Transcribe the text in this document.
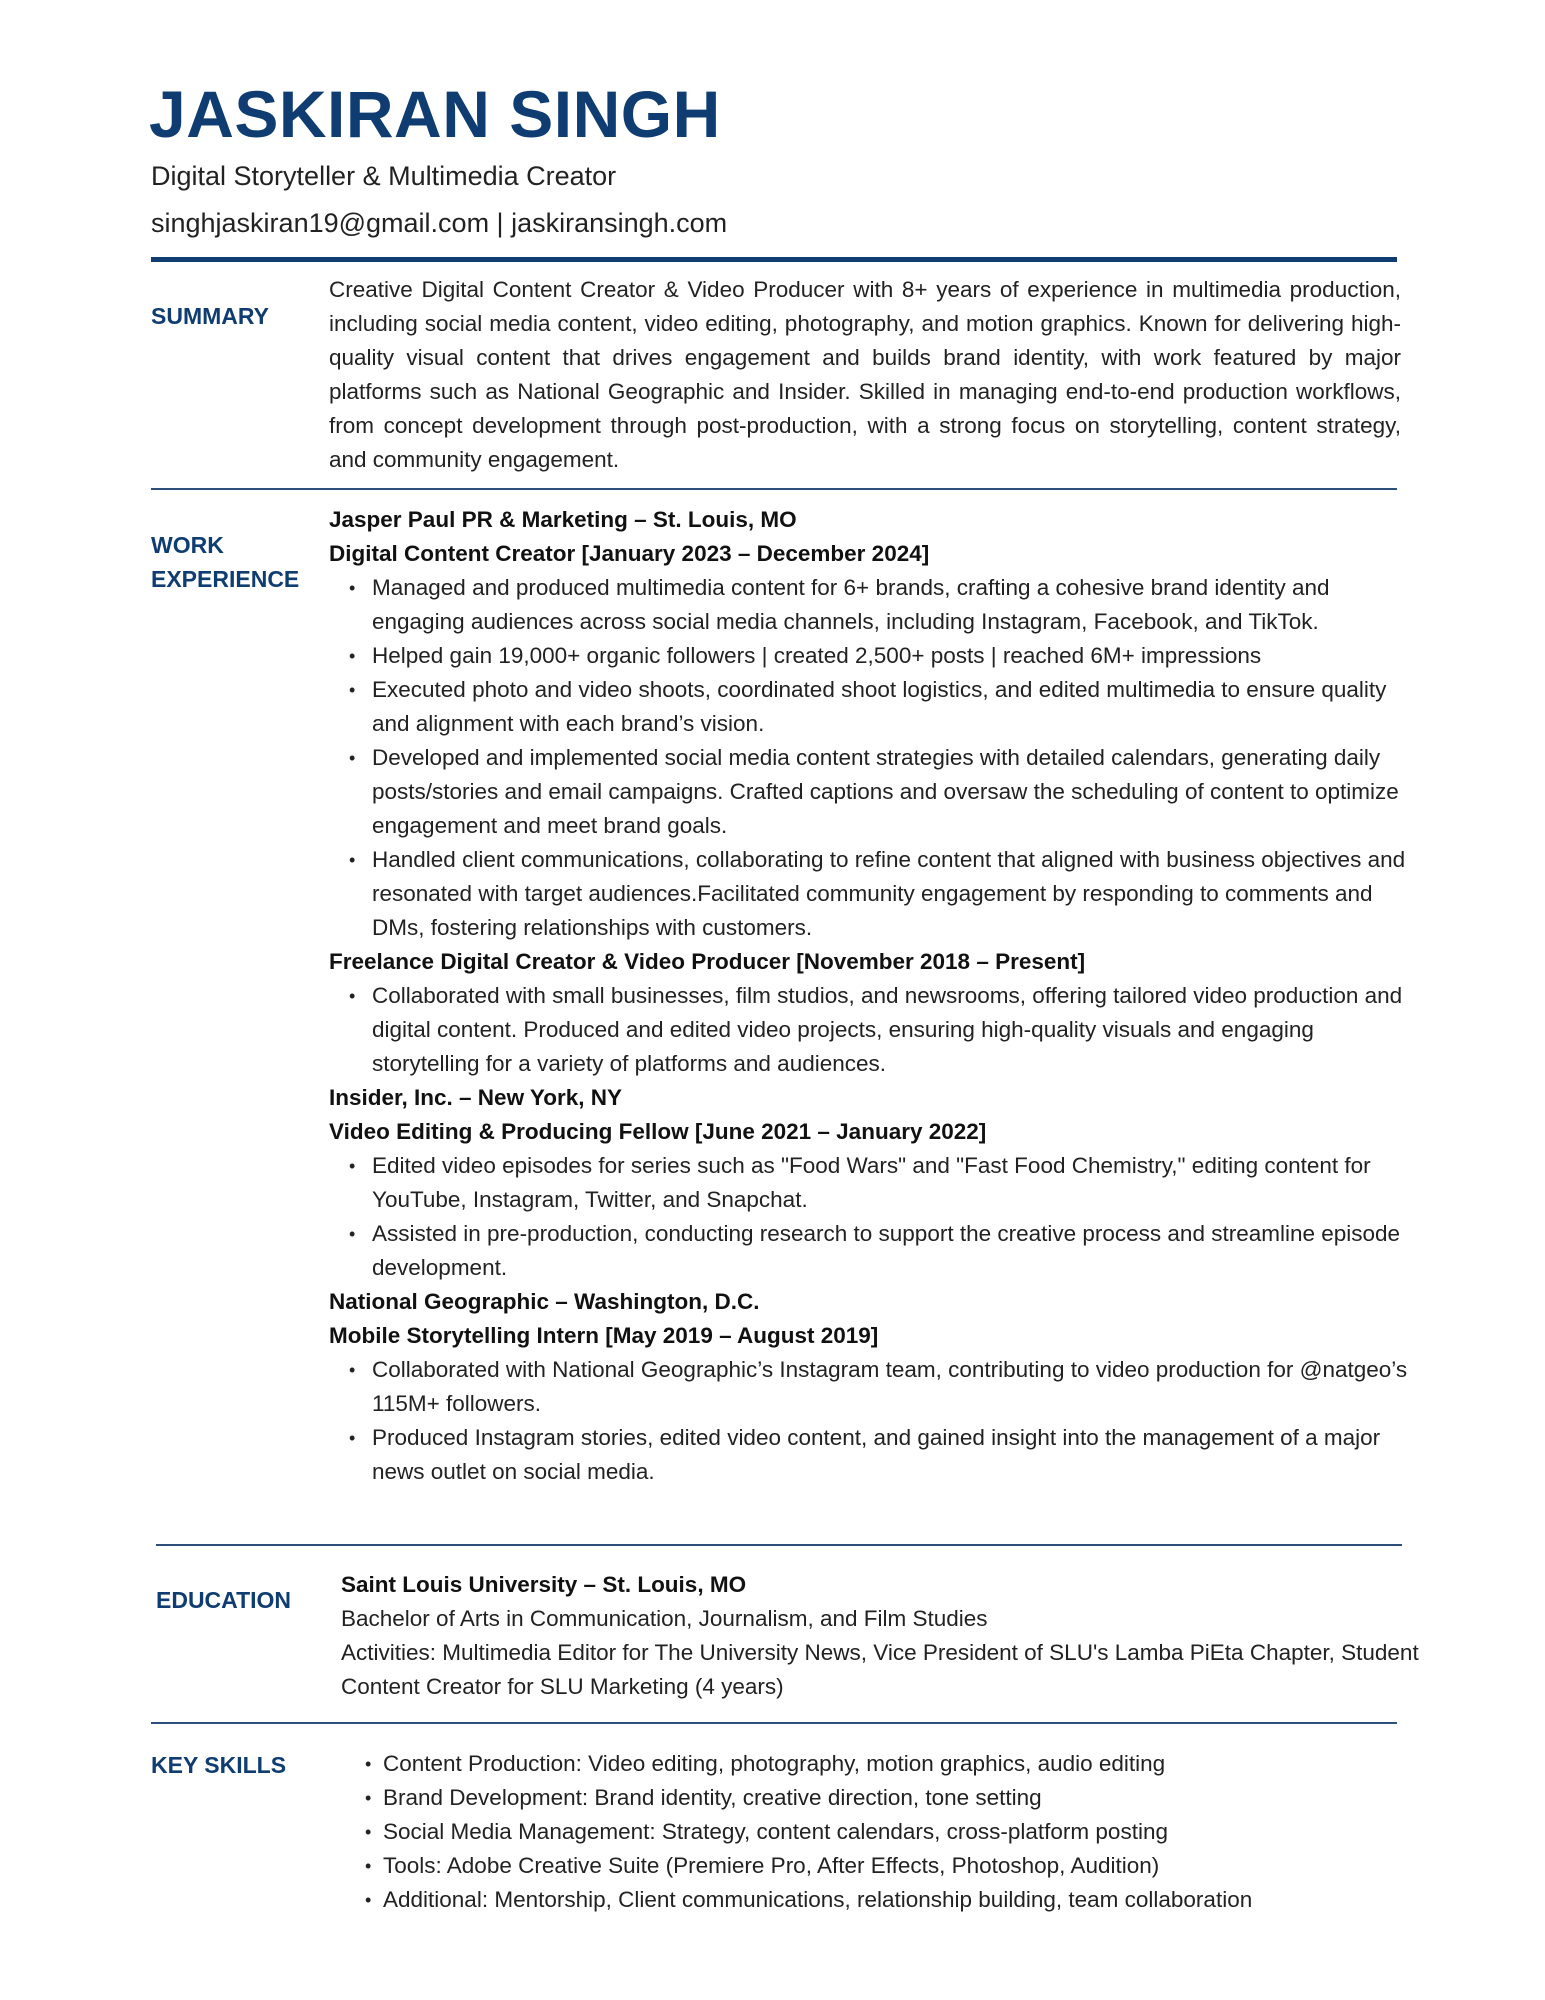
JASKIRAN SINGH
Digital Storyteller & Multimedia Creator
singhjaskiran19@gmail.com | jaskiransingh.com
SUMMARY
Creative Digital Content Creator & Video Producer with 8+ years of experience in multimedia production, including social media content, video editing, photography, and motion graphics. Known for delivering high-quality visual content that drives engagement and builds brand identity, with work featured by major platforms such as National Geographic and Insider. Skilled in managing end-to-end production workflows, from concept development through post-production, with a strong focus on storytelling, content strategy, and community engagement.
WORK
EXPERIENCE
Jasper Paul PR & Marketing – St. Louis, MO
Digital Content Creator [January 2023 – December 2024]
• Managed and produced multimedia content for 6+ brands, crafting a cohesive brand identity and engaging audiences across social media channels, including Instagram, Facebook, and TikTok.
• Helped gain 19,000+ organic followers | created 2,500+ posts | reached 6M+ impressions
• Executed photo and video shoots, coordinated shoot logistics, and edited multimedia to ensure quality and alignment with each brand’s vision.
• Developed and implemented social media content strategies with detailed calendars, generating daily posts/stories and email campaigns. Crafted captions and oversaw the scheduling of content to optimize engagement and meet brand goals.
• Handled client communications, collaborating to refine content that aligned with business objectives and resonated with target audiences.Facilitated community engagement by responding to comments and DMs, fostering relationships with customers.
Freelance Digital Creator & Video Producer [November 2018 – Present]
• Collaborated with small businesses, film studios, and newsrooms, offering tailored video production and digital content. Produced and edited video projects, ensuring high-quality visuals and engaging storytelling for a variety of platforms and audiences.
Insider, Inc. – New York, NY
Video Editing & Producing Fellow [June 2021 – January 2022]
• Edited video episodes for series such as "Food Wars" and "Fast Food Chemistry," editing content for YouTube, Instagram, Twitter, and Snapchat.
• Assisted in pre-production, conducting research to support the creative process and streamline episode development.
National Geographic – Washington, D.C.
Mobile Storytelling Intern [May 2019 – August 2019]
• Collaborated with National Geographic’s Instagram team, contributing to video production for @natgeo’s 115M+ followers.
• Produced Instagram stories, edited video content, and gained insight into the management of a major news outlet on social media.
EDUCATION
Saint Louis University – St. Louis, MO
Bachelor of Arts in Communication, Journalism, and Film Studies
Activities: Multimedia Editor for The University News, Vice President of SLU's Lamba PiEta Chapter, Student Content Creator for SLU Marketing (4 years)
KEY SKILLS	• Content Production: Video editing, photography, motion graphics, audio editing
• Brand Development: Brand identity, creative direction, tone setting
• Social Media Management: Strategy, content calendars, cross-platform posting
• Tools: Adobe Creative Suite (Premiere Pro, After Effects, Photoshop, Audition)
• Additional: Mentorship, Client communications, relationship building, team collaboration
